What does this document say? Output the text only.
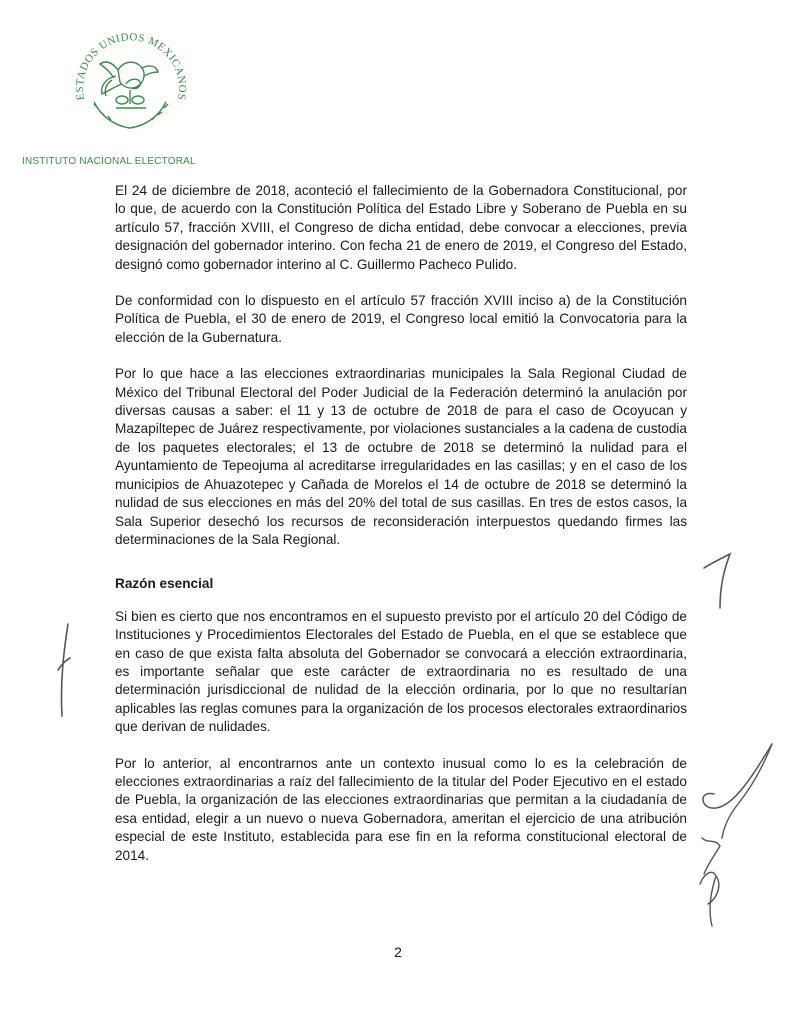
ESTADOS UNIDOS MEXICANOS
INSTITUTO NACIONAL ELECTORAL

El 24 de diciembre de 2018, aconteció el fallecimiento de la Gobernadora Constitucional, por lo que, de acuerdo con la Constitución Política del Estado Libre y Soberano de Puebla en su artículo 57, fracción XVIII, el Congreso de dicha entidad, debe convocar a elecciones, previa designación del gobernador interino. Con fecha 21 de enero de 2019, el Congreso del Estado, designó como gobernador interino al C. Guillermo Pacheco Pulido.

De conformidad con lo dispuesto en el artículo 57 fracción XVIII inciso a) de la Constitución Política de Puebla, el 30 de enero de 2019, el Congreso local emitió la Convocatoria para la elección de la Gubernatura.

Por lo que hace a las elecciones extraordinarias municipales la Sala Regional Ciudad de México del Tribunal Electoral del Poder Judicial de la Federación determinó la anulación por diversas causas a saber: el 11 y 13 de octubre de 2018 de para el caso de Ocoyucan y Mazapiltepec de Juárez respectivamente, por violaciones sustanciales a la cadena de custodia de los paquetes electorales; el 13 de octubre de 2018 se determinó la nulidad para el Ayuntamiento de Tepeojuma al acreditarse irregularidades en las casillas; y en el caso de los municipios de Ahuazotepec y Cañada de Morelos el 14 de octubre de 2018 se determinó la nulidad de sus elecciones en más del 20% del total de sus casillas. En tres de estos casos, la Sala Superior desechó los recursos de reconsideración interpuestos quedando firmes las determinaciones de la Sala Regional.

Razón esencial

Si bien es cierto que nos encontramos en el supuesto previsto por el artículo 20 del Código de Instituciones y Procedimientos Electorales del Estado de Puebla, en el que se establece que en caso de que exista falta absoluta del Gobernador se convocará a elección extraordinaria, es importante señalar que este carácter de extraordinaria no es resultado de una determinación jurisdiccional de nulidad de la elección ordinaria, por lo que no resultarían aplicables las reglas comunes para la organización de los procesos electorales extraordinarios que derivan de nulidades.

Por lo anterior, al encontrarnos ante un contexto inusual como lo es la celebración de elecciones extraordinarias a raíz del fallecimiento de la titular del Poder Ejecutivo en el estado de Puebla, la organización de las elecciones extraordinarias que permitan a la ciudadanía de esa entidad, elegir a un nuevo o nueva Gobernadora, ameritan el ejercicio de una atribución especial de este Instituto, establecida para ese fin en la reforma constitucional electoral de 2014.

2
